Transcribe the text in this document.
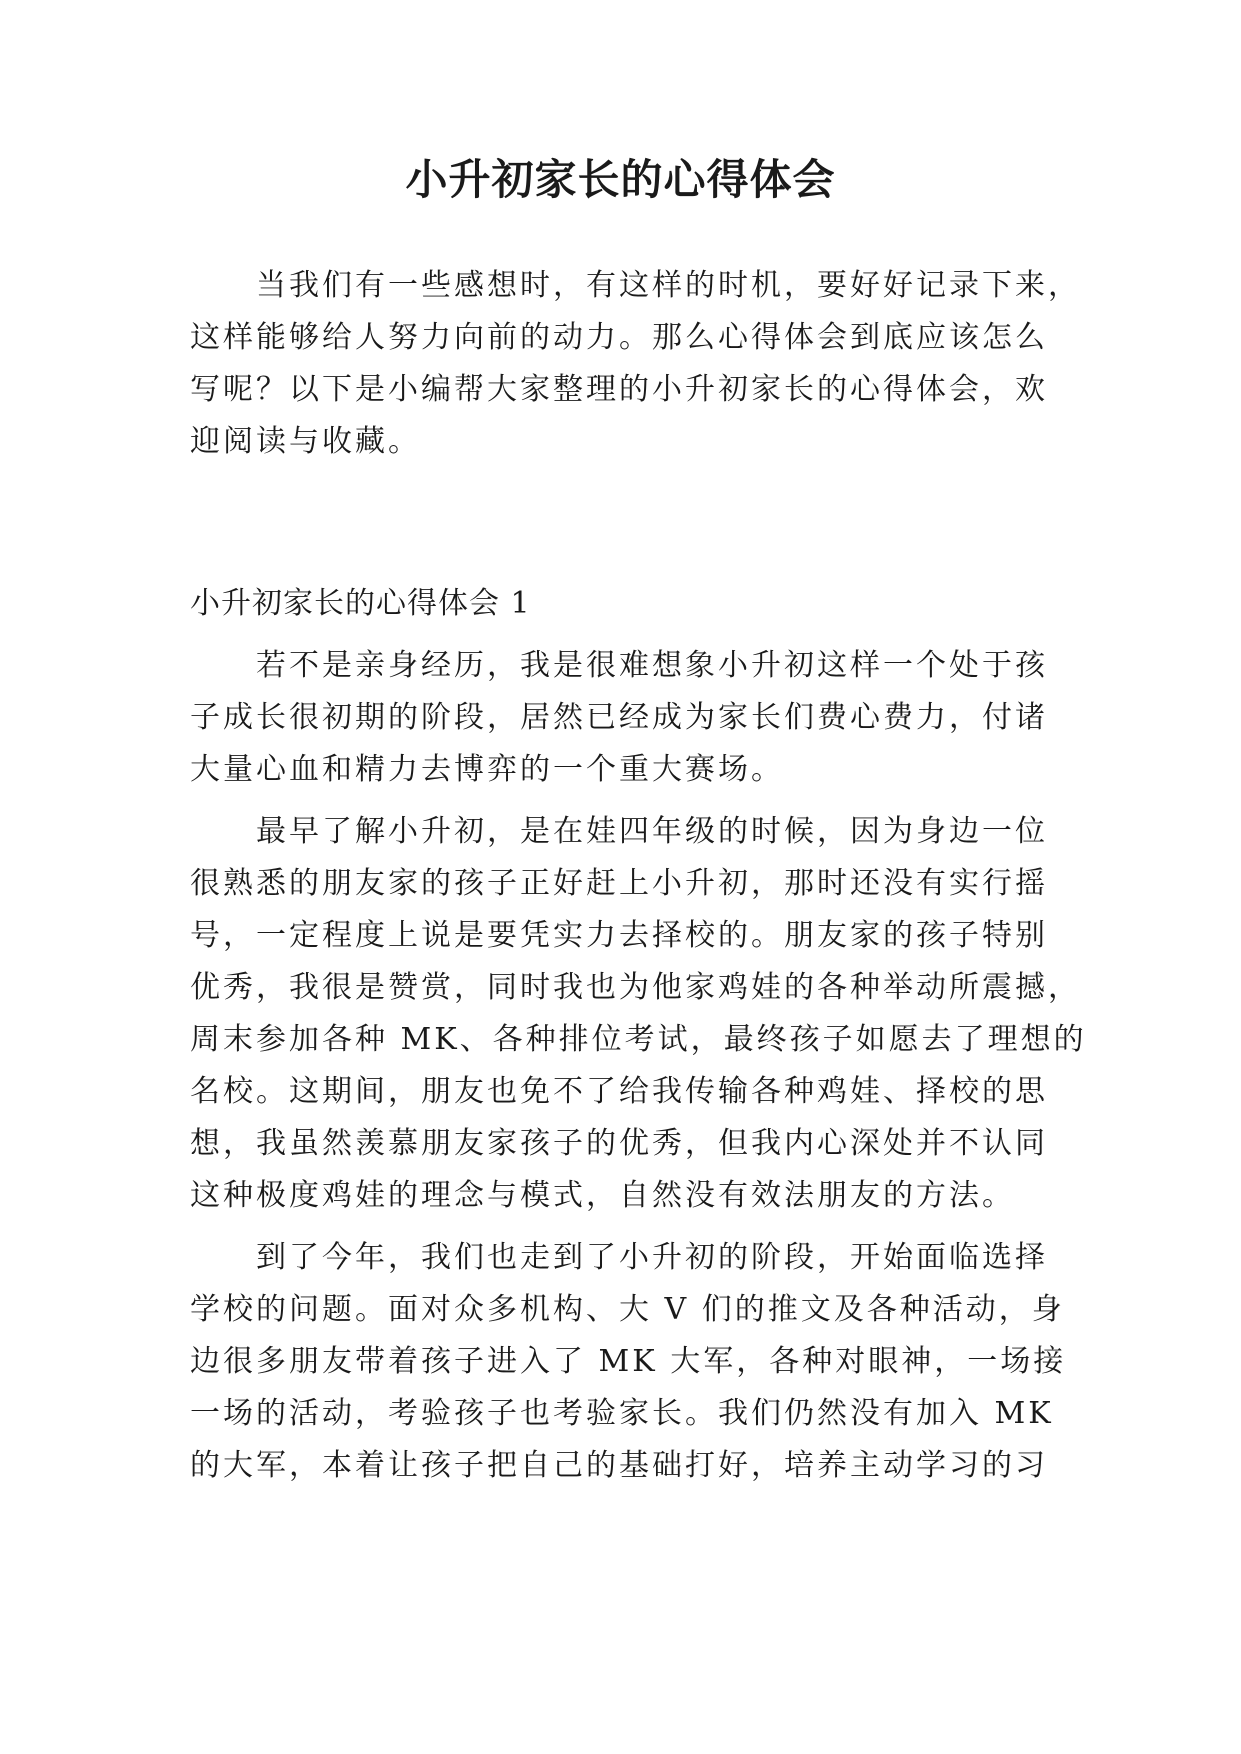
小升初家长的心得体会
当我们有一些感想时，有这样的时机，要好好记录下来，
这样能够给人努力向前的动力。那么心得体会到底应该怎么
写呢？以下是小编帮大家整理的小升初家长的心得体会，欢
迎阅读与收藏。
小升初家长的心得体会 1
若不是亲身经历，我是很难想象小升初这样一个处于孩
子成长很初期的阶段，居然已经成为家长们费心费力，付诸
大量心血和精力去博弈的一个重大赛场。
最早了解小升初，是在娃四年级的时候，因为身边一位
很熟悉的朋友家的孩子正好赶上小升初，那时还没有实行摇
号，一定程度上说是要凭实力去择校的。朋友家的孩子特别
优秀，我很是赞赏，同时我也为他家鸡娃的各种举动所震撼，
周末参加各种 MK、各种排位考试，最终孩子如愿去了理想的
名校。这期间，朋友也免不了给我传输各种鸡娃、择校的思
想，我虽然羡慕朋友家孩子的优秀，但我内心深处并不认同
这种极度鸡娃的理念与模式，自然没有效法朋友的方法。
到了今年，我们也走到了小升初的阶段，开始面临选择
学校的问题。面对众多机构、大 V 们的推文及各种活动，身
边很多朋友带着孩子进入了 MK 大军，各种对眼神，一场接
一场的活动，考验孩子也考验家长。我们仍然没有加入 MK
的大军，本着让孩子把自己的基础打好，培养主动学习的习
